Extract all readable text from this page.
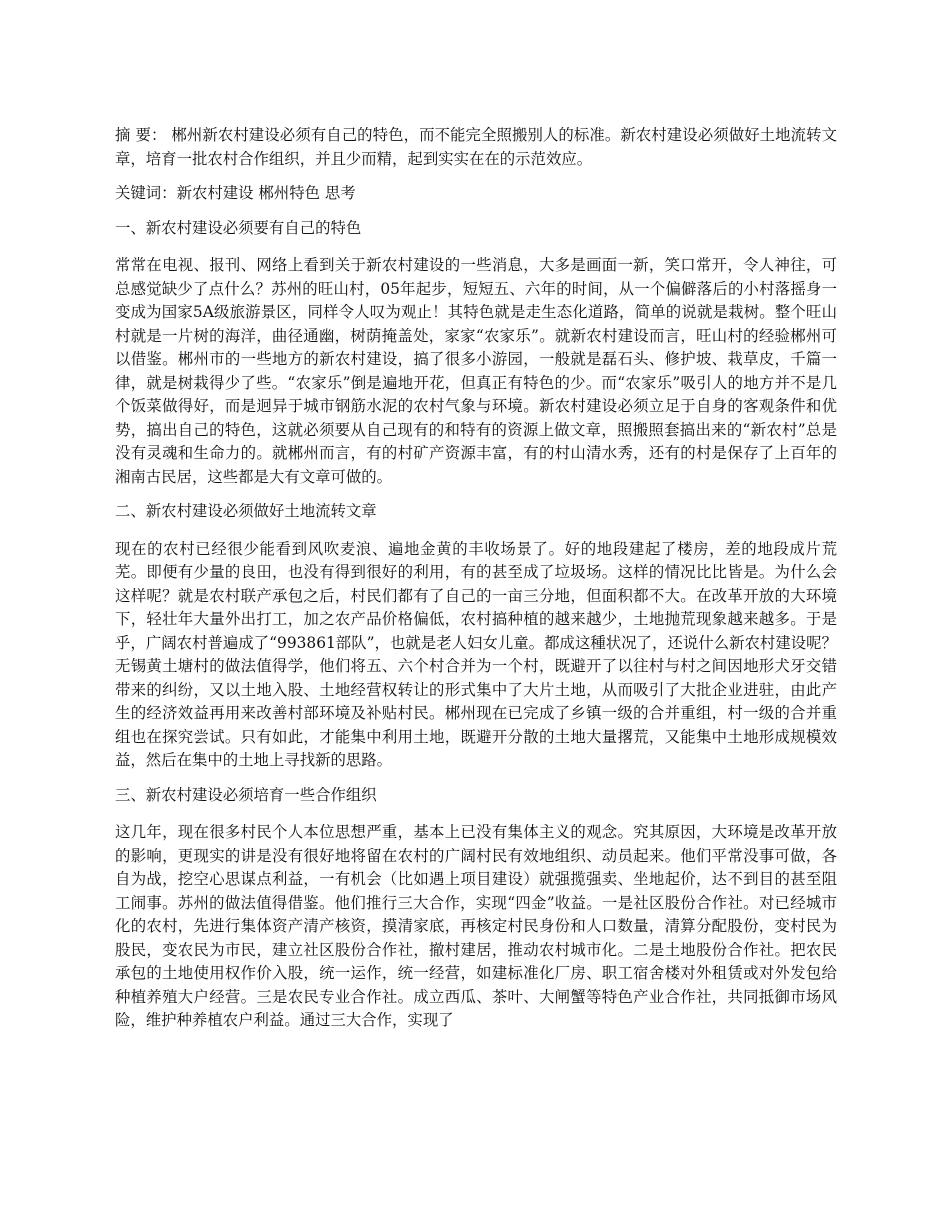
摘 要： 郴州新农村建设必须有自己的特色，而不能完全照搬别人的标准。新农村建设必须做好土地流转文章，培育一批农村合作组织，并且少而精，起到实实在在的示范效应。

关键词：新农村建设 郴州特色 思考

一、新农村建设必须要有自己的特色

常常在电视、报刊、网络上看到关于新农村建设的一些消息，大多是画面一新，笑口常开，令人神往，可总感觉缺少了点什么？苏州的旺山村，05年起步，短短五、六年的时间，从一个偏僻落后的小村落摇身一变成为国家5A级旅游景区，同样令人叹为观止！其特色就是走生态化道路，简单的说就是栽树。整个旺山村就是一片树的海洋，曲径通幽，树荫掩盖处，家家“农家乐”。就新农村建设而言，旺山村的经验郴州可以借鉴。郴州市的一些地方的新农村建设，搞了很多小游园，一般就是磊石头、修护坡、栽草皮，千篇一律，就是树栽得少了些。“农家乐”倒是遍地开花，但真正有特色的少。而“农家乐”吸引人的地方并不是几个饭菜做得好，而是迥异于城市钢筋水泥的农村气象与环境。新农村建设必须立足于自身的客观条件和优势，搞出自己的特色，这就必须要从自己现有的和特有的资源上做文章，照搬照套搞出来的“新农村”总是没有灵魂和生命力的。就郴州而言，有的村矿产资源丰富，有的村山清水秀，还有的村是保存了上百年的湘南古民居，这些都是大有文章可做的。

二、新农村建设必须做好土地流转文章

现在的农村已经很少能看到风吹麦浪、遍地金黄的丰收场景了。好的地段建起了楼房，差的地段成片荒芜。即便有少量的良田，也没有得到很好的利用，有的甚至成了垃圾场。这样的情况比比皆是。为什么会这样呢？就是农村联产承包之后，村民们都有了自己的一亩三分地，但面积都不大。在改革开放的大环境下，轻壮年大量外出打工，加之农产品价格偏低，农村搞种植的越来越少，土地抛荒现象越来越多。于是乎，广阔农村普遍成了“993861部队”，也就是老人妇女儿童。都成这種状况了，还说什么新农村建设呢？无锡黄土塘村的做法值得学，他们将五、六个村合并为一个村，既避开了以往村与村之间因地形犬牙交错带来的纠纷，又以土地入股、土地经营权转让的形式集中了大片土地，从而吸引了大批企业进驻，由此产生的经济效益再用来改善村部环境及补贴村民。郴州现在已完成了乡镇一级的合并重组，村一级的合并重组也在探究尝试。只有如此，才能集中利用土地，既避开分散的土地大量撂荒，又能集中土地形成规模效益，然后在集中的土地上寻找新的思路。

三、新农村建设必须培育一些合作组织

这几年，现在很多村民个人本位思想严重，基本上已没有集体主义的观念。究其原因，大环境是改革开放的影响，更现实的讲是没有很好地将留在农村的广阔村民有效地组织、动员起来。他们平常没事可做，各自为战，挖空心思谋点利益，一有机会（比如遇上项目建设）就强揽强卖、坐地起价，达不到目的甚至阻工闹事。苏州的做法值得借鉴。他们推行三大合作，实现“四金”收益。一是社区股份合作社。对已经城市化的农村，先进行集体资产清产核资，摸清家底，再核定村民身份和人口数量，清算分配股份，变村民为股民，变农民为市民，建立社区股份合作社，撤村建居，推动农村城市化。二是土地股份合作社。把农民承包的土地使用权作价入股，统一运作，统一经营，如建标准化厂房、职工宿舍楼对外租赁或对外发包给种植养殖大户经营。三是农民专业合作社。成立西瓜、茶叶、大闸蟹等特色产业合作社，共同抵御市场风险，维护种养植农户利益。通过三大合作，实现了
